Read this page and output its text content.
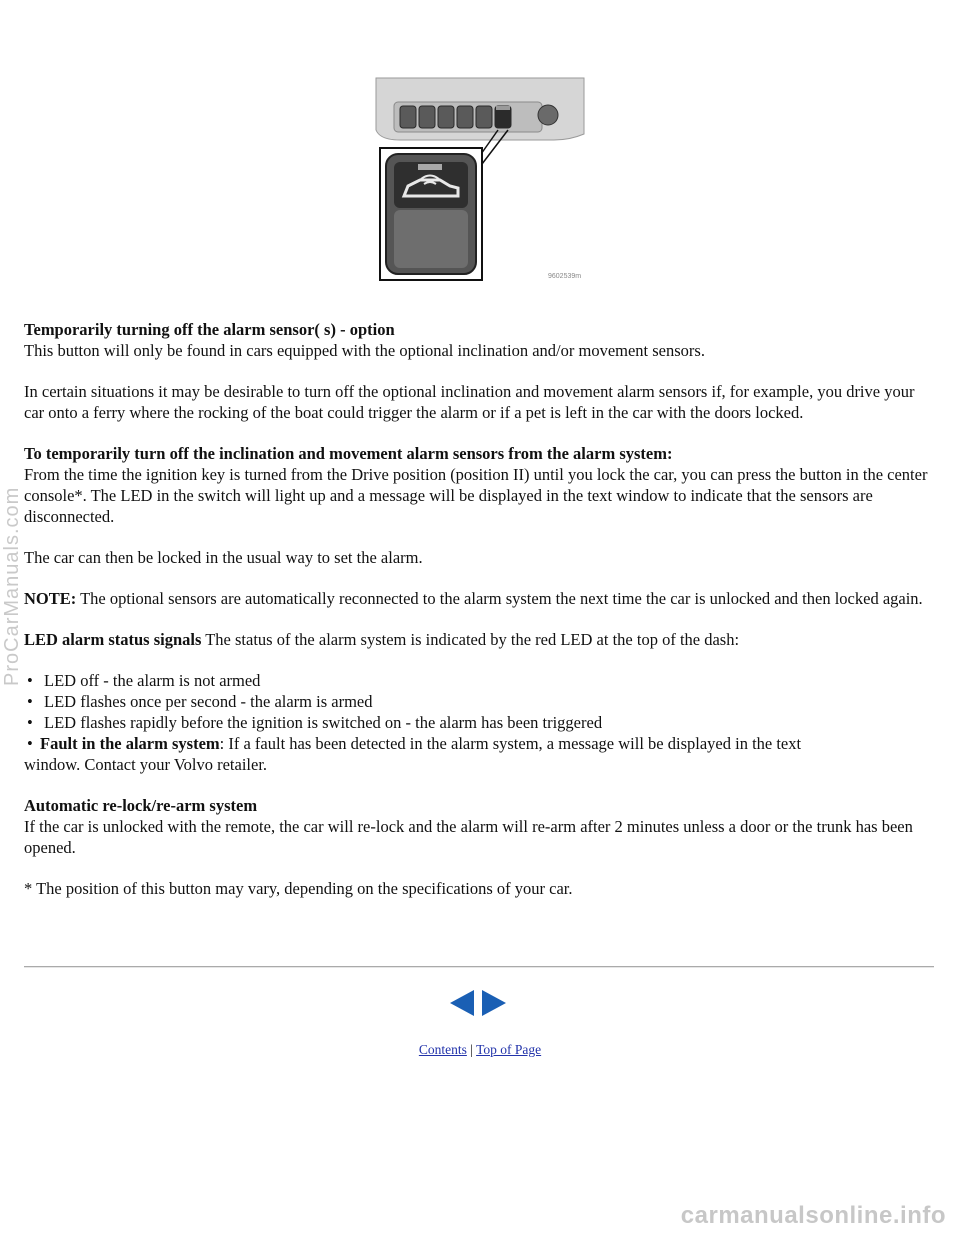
9602539m

Temporarily turning off the alarm sensor( s) - option
This button will only be found in cars equipped with the optional inclination and/or movement sensors.

In certain situations it may be desirable to turn off the optional inclination and movement alarm sensors if, for example, you drive your car onto a ferry where the rocking of the boat could trigger the alarm or if a pet is left in the car with the doors locked.

To temporarily turn off the inclination and movement alarm sensors from the alarm system:
From the time the ignition key is turned from the Drive position (position II) until you lock the car, you can press the button in the center console*. The LED in the switch will light up and a message will be displayed in the text window to indicate that the sensors are disconnected.

The car can then be locked in the usual way to set the alarm.

NOTE: The optional sensors are automatically reconnected to the alarm system the next time the car is unlocked and then locked again.

LED alarm status signals The status of the alarm system is indicated by the red LED at the top of the dash:

• LED off - the alarm is not armed
• LED flashes once per second - the alarm is armed
• LED flashes rapidly before the ignition is switched on - the alarm has been triggered
• Fault in the alarm system: If a fault has been detected in the alarm system, a message will be displayed in the text

window. Contact your Volvo retailer.

Automatic re-lock/re-arm system
If the car is unlocked with the remote, the car will re-lock and the alarm will re-arm after 2 minutes unless a door or the trunk has been opened.

* The position of this button may vary, depending on the specifications of your car.

Contents | Top of Page
ProCarManuals.com
carmanualsonline.info
